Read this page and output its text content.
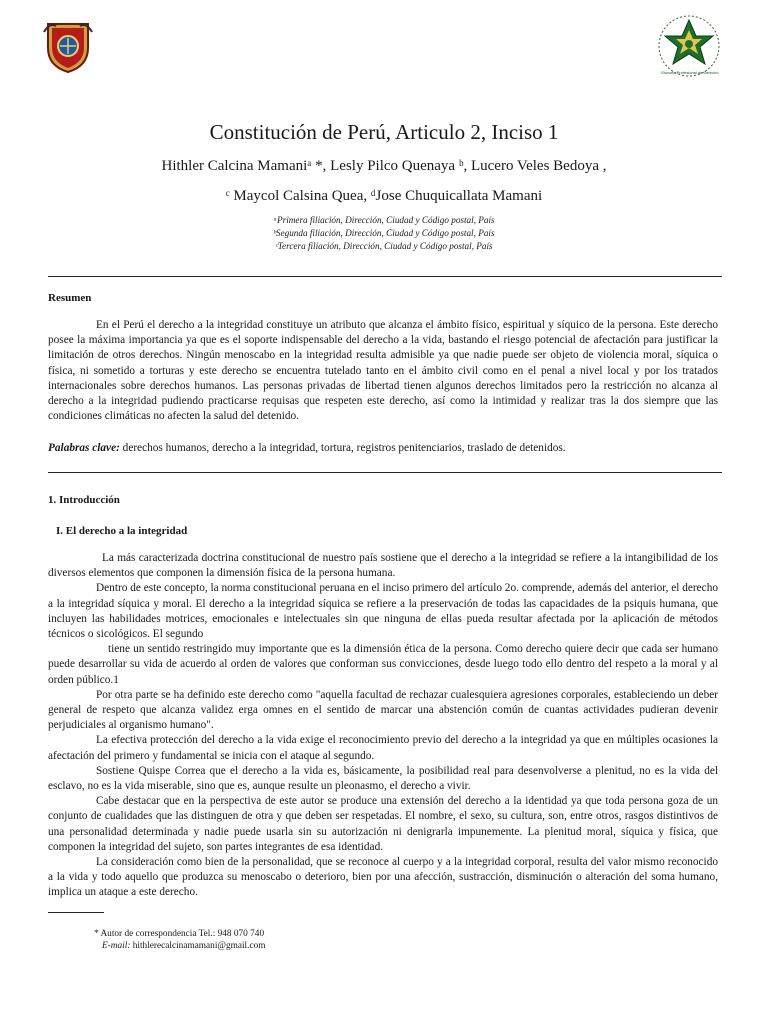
Escuela Profesional de Derecho
Constitución de Perú, Articulo 2, Inciso 1
Hithler Calcina Mamaniᵃ *, Lesly Pilco Quenaya ᵇ, Lucero Veles Bedoya ,
ᶜ Maycol Calsina Quea, ᵈJose Chuquicallata Mamani
ᵃPrimera filiación, Dirección, Ciudad y Código postal, País
ᵇSegunda filiación, Dirección, Ciudad y Código postal, País
ᶜTercera filiación, Dirección, Ciudad y Código postal, País
Resumen

En el Perú el derecho a la integridad constituye un atributo que alcanza el ámbito físico, espiritual y síquico de la persona. Este derecho posee la máxima importancia ya que es el soporte indispensable del derecho a la vida, bastando el riesgo potencial de afectación para justificar la limitación de otros derechos. Ningún menoscabo en la integridad resulta admisible ya que nadie puede ser objeto de violencia moral, síquica o física, ni sometido a torturas y este derecho se encuentra tutelado tanto en el ámbito civil como en el penal a nivel local y por los tratados internacionales sobre derechos humanos. Las personas privadas de libertad tienen algunos derechos limitados pero la restricción no alcanza al derecho a la integridad pudiendo practicarse requisas que respeten este derecho, así como la intimidad y realizar tras la dos siempre que las condiciones climáticas no afecten la salud del detenido.

Palabras clave: derechos humanos, derecho a la integridad, tortura, registros penitenciarios, traslado de detenidos.
1. Introducción
I. El derecho a la integridad

La más caracterizada doctrina constitucional de nuestro país sostiene que el derecho a la integridad se refiere a la intangibilidad de los diversos elementos que componen la dimensión física de la persona humana.

Dentro de este concepto, la norma constitucional peruana en el inciso primero del artículo 2o. comprende, además del anterior, el derecho a la integridad síquica y moral. El derecho a la integridad síquica se refiere a la preservación de todas las capacidades de la psiquis humana, que incluyen las habilidades motrices, emocionales e intelectuales sin que ninguna de ellas pueda resultar afectada por la aplicación de métodos técnicos o sicológicos. El segundo

tiene un sentido restringido muy importante que es la dimensión ética de la persona. Como derecho quiere decir que cada ser humano puede desarrollar su vida de acuerdo al orden de valores que conforman sus convicciones, desde luego todo ello dentro del respeto a la moral y al orden público.1

Por otra parte se ha definido este derecho como "aquella facultad de rechazar cualesquiera agresiones corporales, estableciendo un deber general de respeto que alcanza validez erga omnes en el sentido de marcar una abstención común de cuantas actividades pudieran devenir perjudiciales al organismo humano".

La efectiva protección del derecho a la vida exige el reconocimiento previo del derecho a la integridad ya que en múltiples ocasiones la afectación del primero y fundamental se inicia con el ataque al segundo.

Sostiene Quispe Correa que el derecho a la vida es, básicamente, la posibilidad real para desenvolverse a plenitud, no es la vida del esclavo, no es la vida miserable, sino que es, aunque resulte un pleonasmo, el derecho a vivir.

Cabe destacar que en la perspectiva de este autor se produce una extensión del derecho a la identidad ya que toda persona goza de un conjunto de cualidades que las distinguen de otra y que deben ser respetadas. El nombre, el sexo, su cultura, son, entre otros, rasgos distintivos de una personalidad determinada y nadie puede usarla sin su autorización ni denigrarla impunemente. La plenitud moral, síquica y física, que componen la integridad del sujeto, son partes integrantes de esa identidad.

La consideración como bien de la personalidad, que se reconoce al cuerpo y a la integridad corporal, resulta del valor mismo reconocido a la vida y todo aquello que produzca su menoscabo o deterioro, bien por una afección, sustracción, disminución o alteración del soma humano, implica un ataque a este derecho.

* Autor de correspondencia Tel.: 948 070 740
E-mail: hithlerecalcinamamani@gmail.com
